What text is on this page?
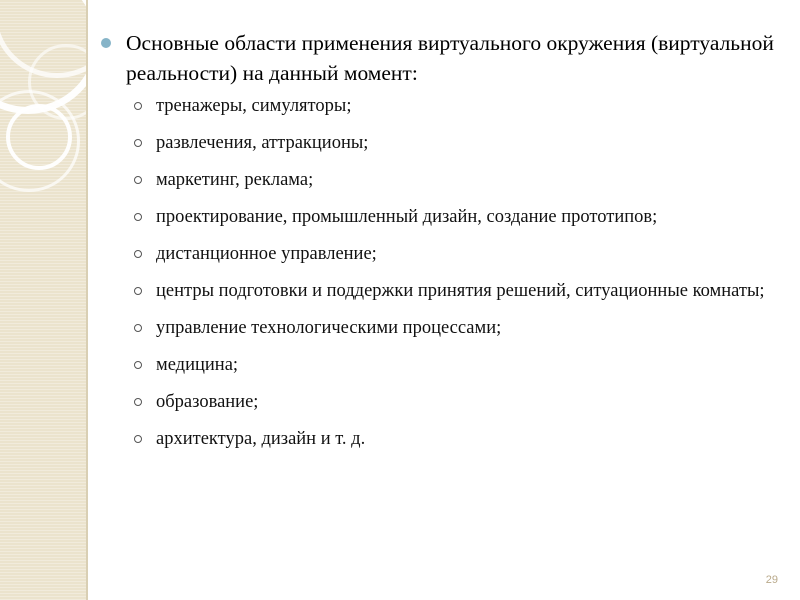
Основные области применения виртуального окружения (виртуальной реальности) на данный момент:
тренажеры, симуляторы;
развлечения, аттракционы;
маркетинг, реклама;
проектирование, промышленный дизайн, создание прототипов;
дистанционное управление;
центры подготовки и поддержки принятия решений, ситуационные комнаты;
управление технологическими процессами;
медицина;
образование;
архитектура, дизайн и т. д.
29
